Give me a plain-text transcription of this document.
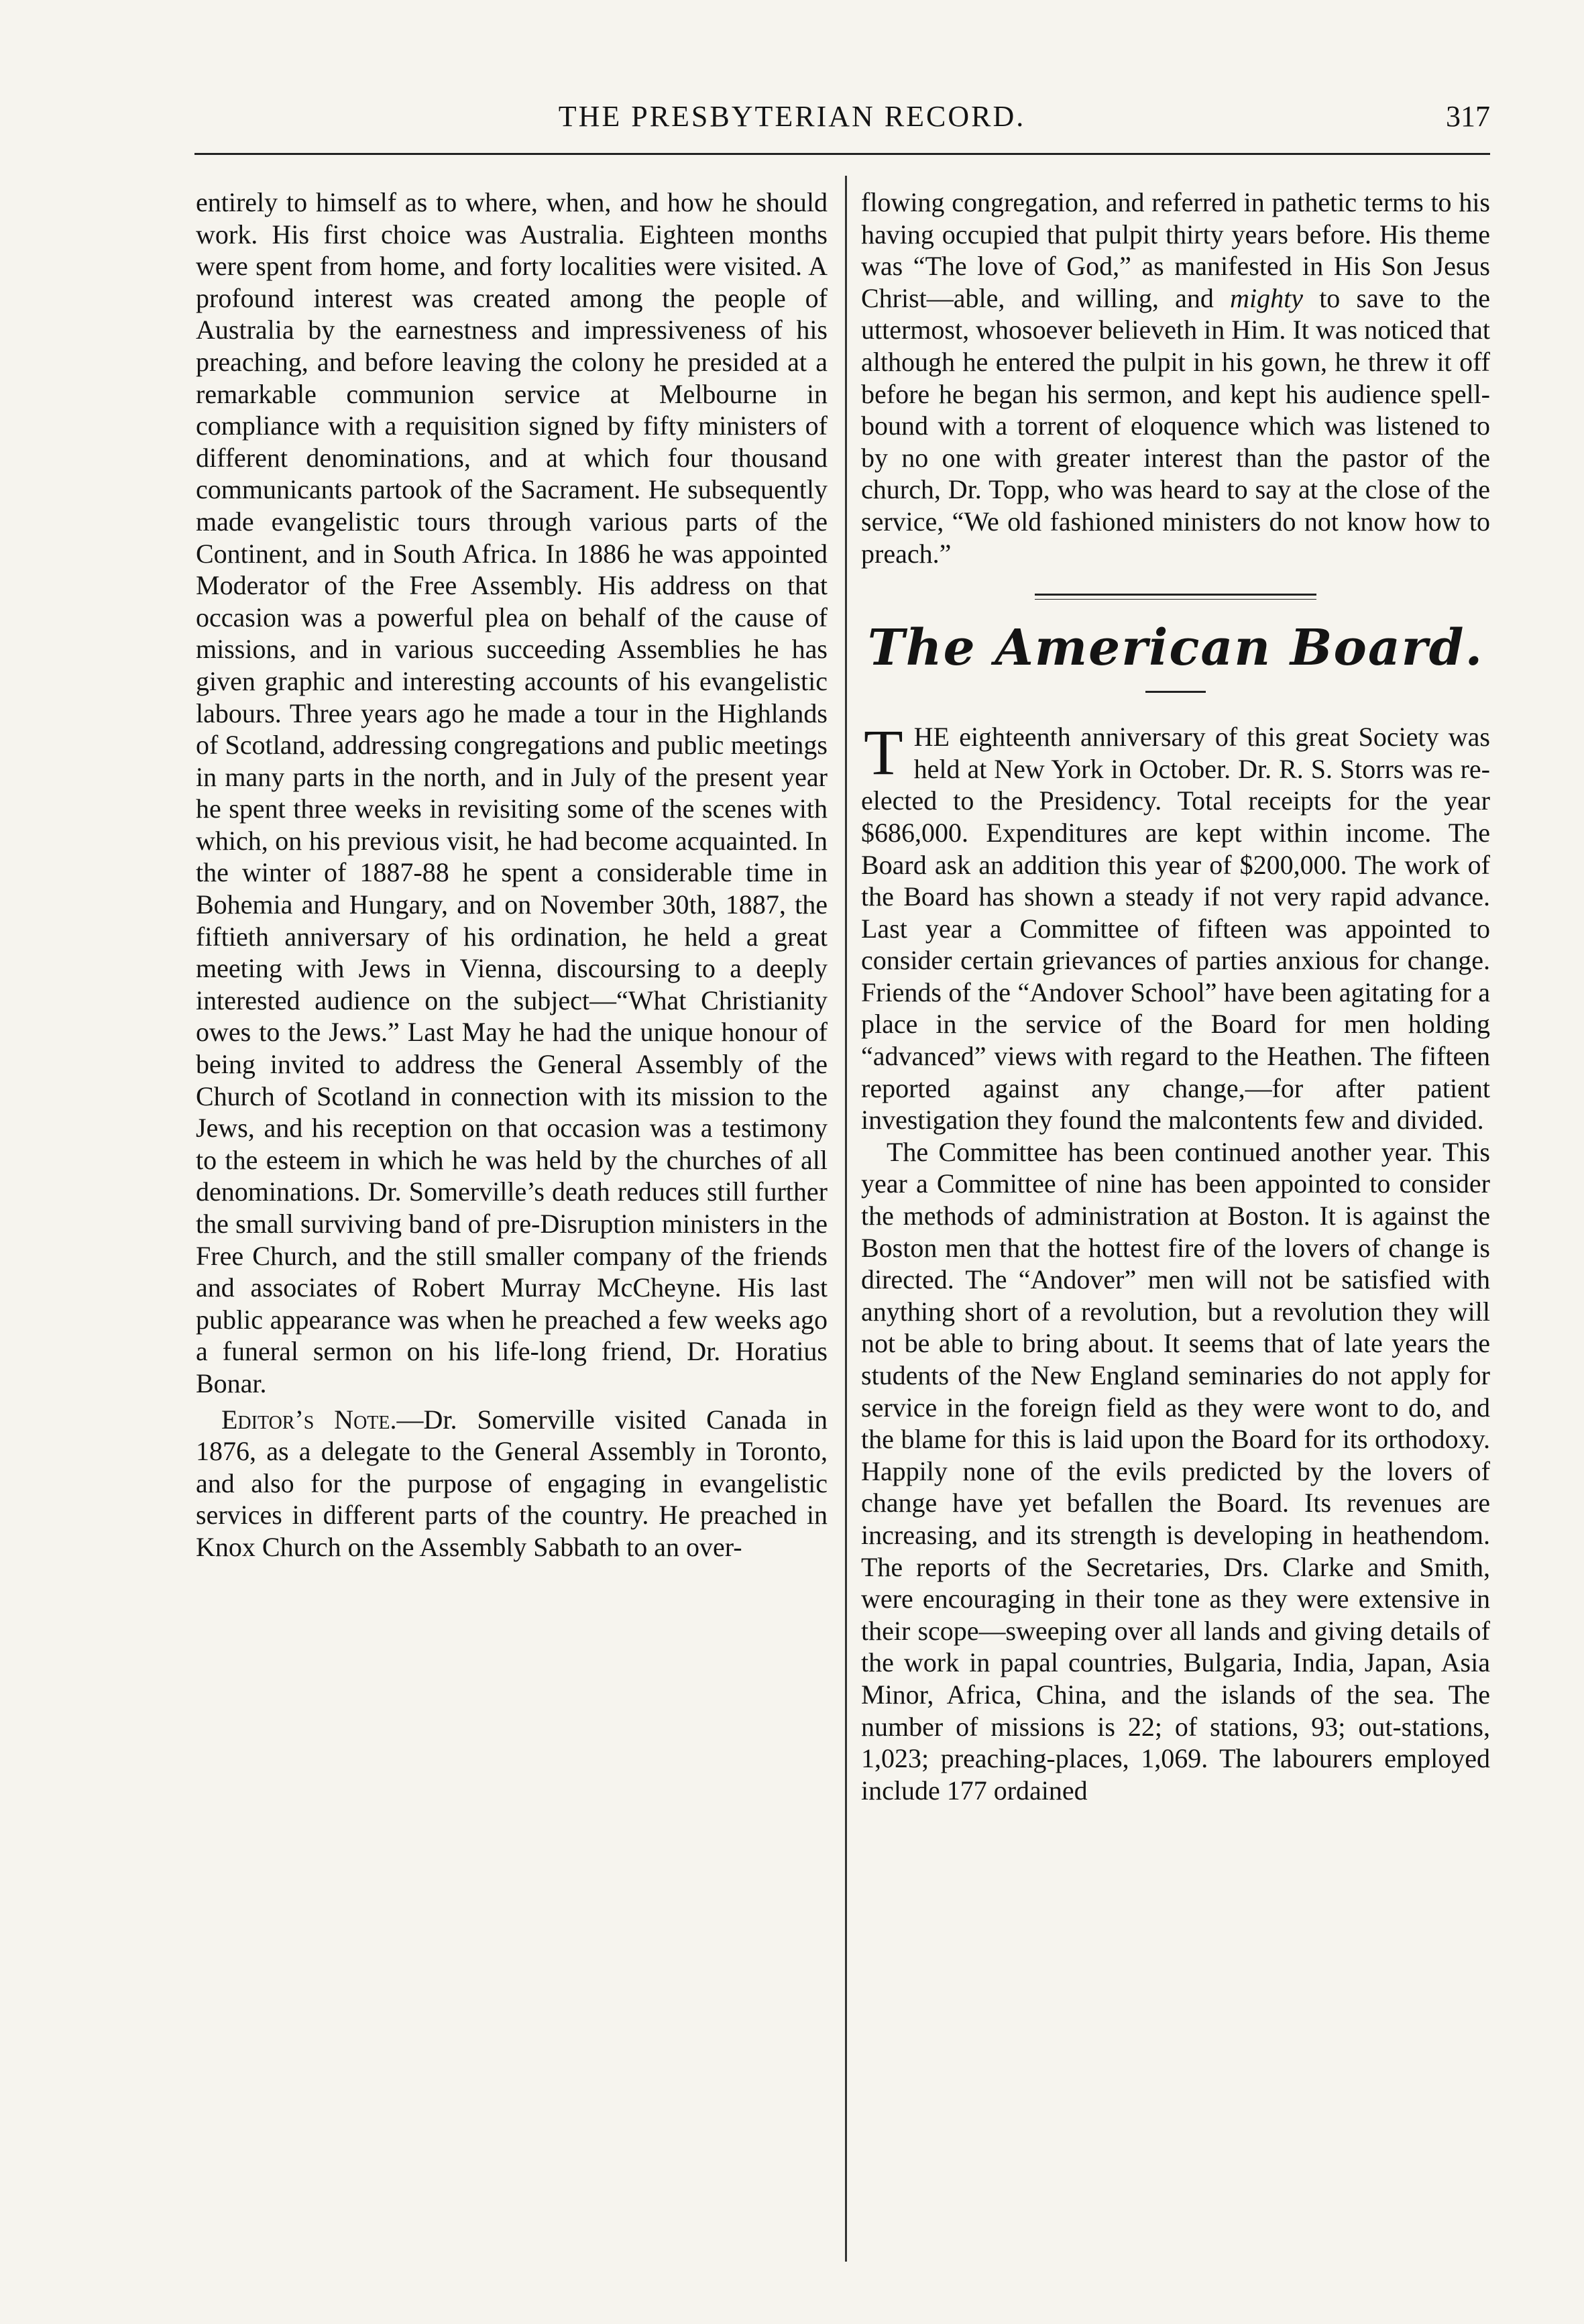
THE PRESBYTERIAN RECORD.	317

entirely to himself as to where, when, and how he should work. His first choice was Australia. Eighteen months were spent from home, and forty localities were visited. A profound interest was created among the people of Australia by the earnestness and impressiveness of his preaching, and before leaving the colony he presided at a remarkable communion service at Melbourne in compliance with a requisition signed by fifty ministers of different denominations, and at which four thousand communicants partook of the Sacrament. He subsequently made evangelistic tours through various parts of the Continent, and in South Africa. In 1886 he was appointed Moderator of the Free Assembly. His address on that occasion was a powerful plea on behalf of the cause of missions, and in various succeeding Assemblies he has given graphic and interesting accounts of his evangelistic labours. Three years ago he made a tour in the Highlands of Scotland, addressing congregations and public meetings in many parts in the north, and in July of the present year he spent three weeks in revisiting some of the scenes with which, on his previous visit, he had become acquainted. In the winter of 1887-88 he spent a considerable time in Bohemia and Hungary, and on November 30th, 1887, the fiftieth anniversary of his ordination, he held a great meeting with Jews in Vienna, discoursing to a deeply interested audience on the subject—“What Christianity owes to the Jews.” Last May he had the unique honour of being invited to address the General Assembly of the Church of Scotland in connection with its mission to the Jews, and his reception on that occasion was a testimony to the esteem in which he was held by the churches of all denominations. Dr. Somerville’s death reduces still further the small surviving band of pre-Disruption ministers in the Free Church, and the still smaller company of the friends and associates of Robert Murray McCheyne. His last public appearance was when he preached a few weeks ago a funeral sermon on his life-long friend, Dr. Horatius Bonar.

Editor’s Note.—Dr. Somerville visited Canada in 1876, as a delegate to the General Assembly in Toronto, and also for the purpose of engaging in evangelistic services in different parts of the country. He preached in Knox Church on the Assembly Sabbath to an over-

flowing congregation, and referred in pathetic terms to his having occupied that pulpit thirty years before. His theme was “The love of God,” as manifested in His Son Jesus Christ—able, and willing, and mighty to save to the uttermost, whosoever believeth in Him. It was noticed that although he entered the pulpit in his gown, he threw it off before he began his sermon, and kept his audience spell-bound with a torrent of eloquence which was listened to by no one with greater interest than the pastor of the church, Dr. Topp, who was heard to say at the close of the service, “We old fashioned ministers do not know how to preach.”

The American Board.

THE eighteenth anniversary of this great Society was held at New York in October. Dr. R. S. Storrs was re-elected to the Presidency. Total receipts for the year $686,000. Expenditures are kept within income. The Board ask an addition this year of $200,000. The work of the Board has shown a steady if not very rapid advance. Last year a Committee of fifteen was appointed to consider certain grievances of parties anxious for change. Friends of the “Andover School” have been agitating for a place in the service of the Board for men holding “advanced” views with regard to the Heathen. The fifteen reported against any change,—for after patient investigation they found the malcontents few and divided.

The Committee has been continued another year. This year a Committee of nine has been appointed to consider the methods of administration at Boston. It is against the Boston men that the hottest fire of the lovers of change is directed. The “Andover” men will not be satisfied with anything short of a revolution, but a revolution they will not be able to bring about. It seems that of late years the students of the New England seminaries do not apply for service in the foreign field as they were wont to do, and the blame for this is laid upon the Board for its orthodoxy. Happily none of the evils predicted by the lovers of change have yet befallen the Board. Its revenues are increasing, and its strength is developing in heathendom. The reports of the Secretaries, Drs. Clarke and Smith, were encouraging in their tone as they were extensive in their scope—sweeping over all lands and giving details of the work in papal countries, Bulgaria, India, Japan, Asia Minor, Africa, China, and the islands of the sea. The number of missions is 22; of stations, 93; out-stations, 1,023; preaching-places, 1,069. The labourers employed include 177 ordained
